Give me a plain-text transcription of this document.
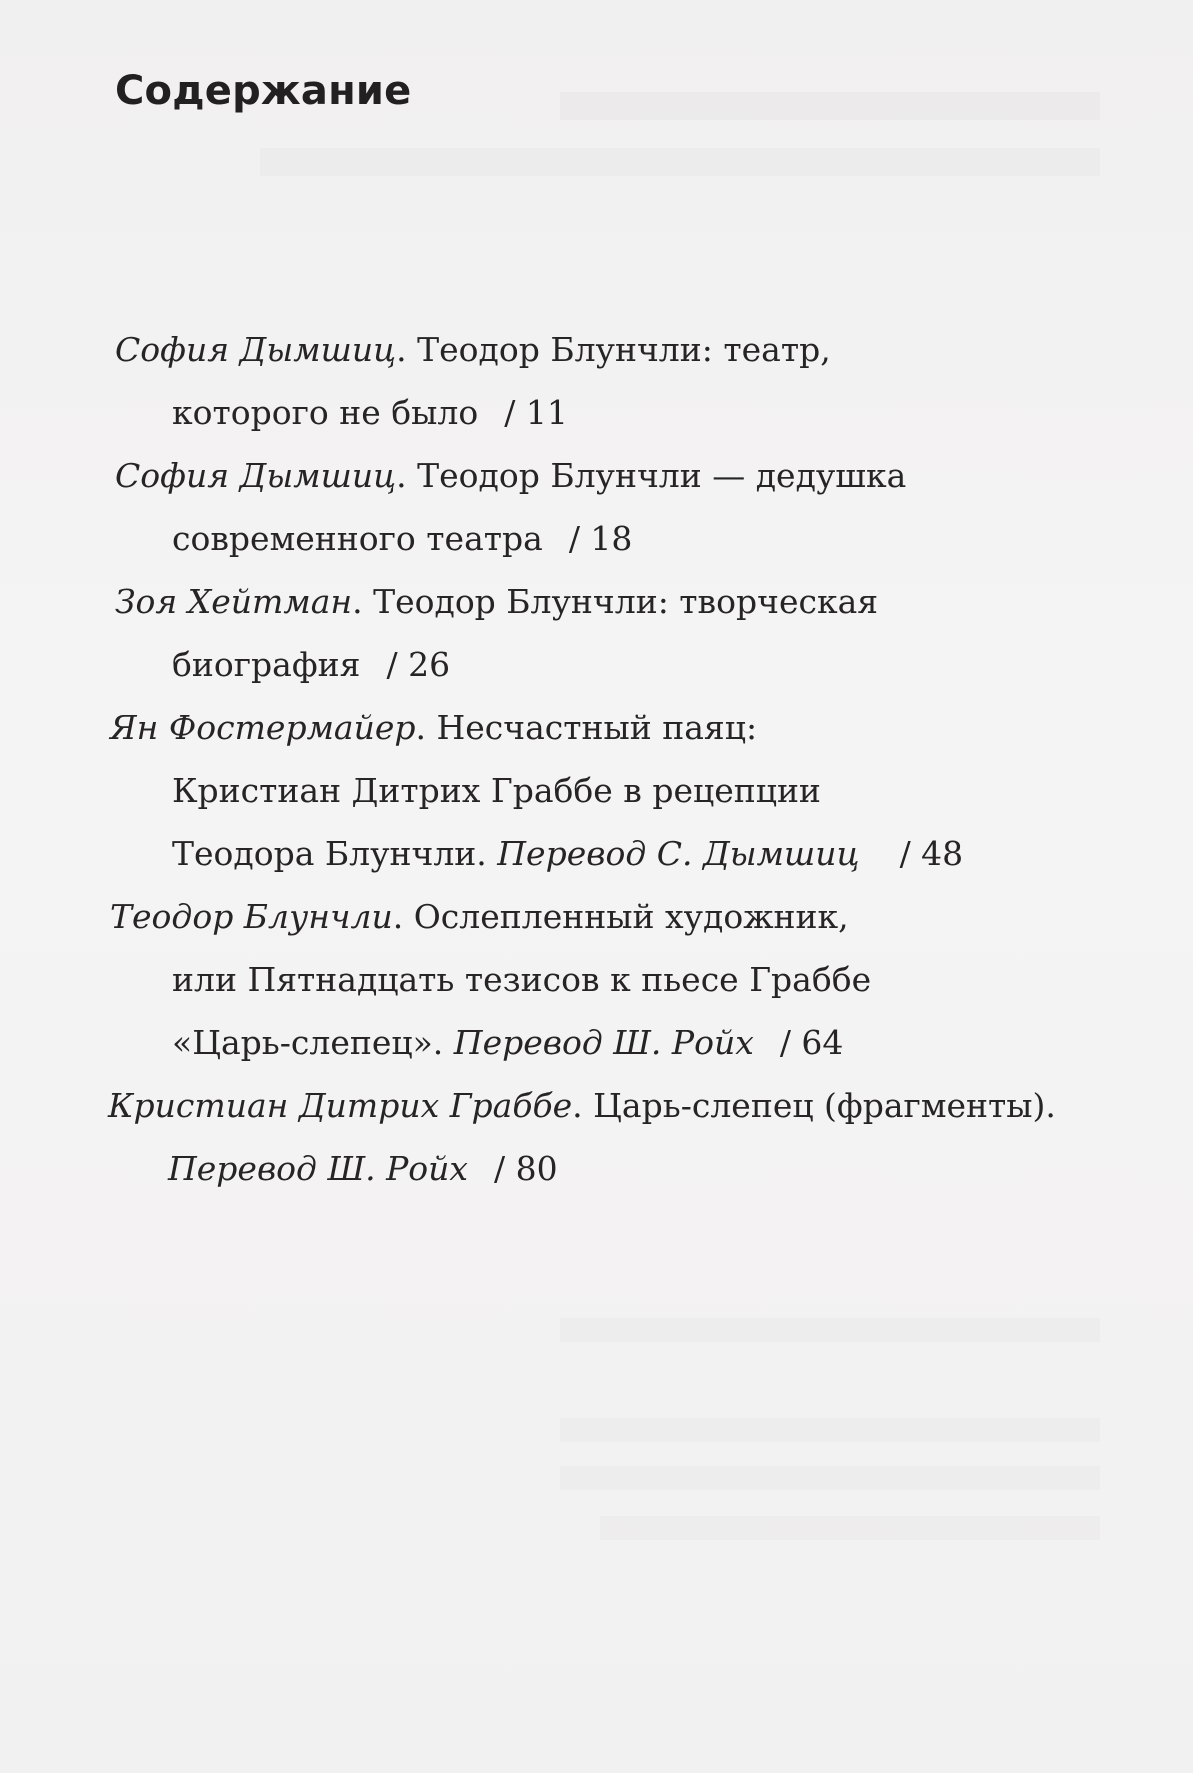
Содержание
София Дымшиц. Теодор Блунчли: театр,
которого не было / 11
София Дымшиц. Теодор Блунчли — дедушка
современного театра / 18
Зоя Хейтман. Теодор Блунчли: творческая
биография / 26
Ян Фостермайер. Несчастный паяц:
Кристиан Дитрих Граббе в рецепции
Теодора Блунчли. Перевод С. Дымшиц / 48
Теодор Блунчли. Ослепленный художник,
или Пятнадцать тезисов к пьесе Граббе
«Царь-слепец». Перевод Ш. Ройх / 64
Кристиан Дитрих Граббе. Царь-слепец (фрагменты).
Перевод Ш. Ройх / 80
